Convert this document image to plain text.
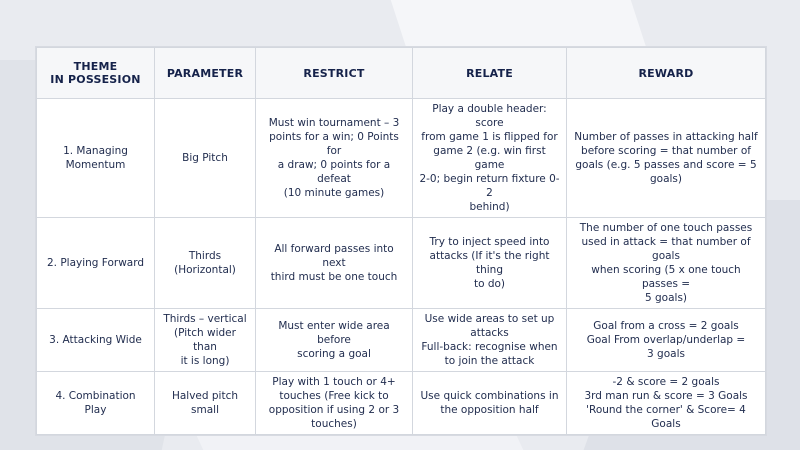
THEME
IN POSSESION	PARAMETER	RESTRICT	RELATE	REWARD

1. Managing
Momentum	Big Pitch	Must win tournament – 3
points for a win; 0 Points for
a draw; 0 points for a defeat
(10 minute games)	Play a double header: score
from game 1 is flipped for
game 2 (e.g. win first game
2-0; begin return fixture 0-2
behind)	Number of passes in attacking half
before scoring = that number of
goals (e.g. 5 passes and score = 5
goals)

2. Playing Forward	Thirds
(Horizontal)	All forward passes into next
third must be one touch	Try to inject speed into
attacks (If it's the right thing
to do)	The number of one touch passes
used in attack = that number of goals
when scoring (5 x one touch passes =
5 goals)

3. Attacking Wide	Thirds – vertical
(Pitch wider than
it is long)	Must enter wide area before
scoring a goal	Use wide areas to set up
attacks
Full-back: recognise when
to join the attack	Goal from a cross = 2 goals
Goal From overlap/underlap =
3 goals

4. Combination Play	Halved pitch
small	Play with 1 touch or 4+
touches (Free kick to
opposition if using 2 or 3
touches)	Use quick combinations in
the opposition half	-2 & score = 2 goals
3rd man run & score = 3 Goals
'Round the corner' & Score= 4 Goals
